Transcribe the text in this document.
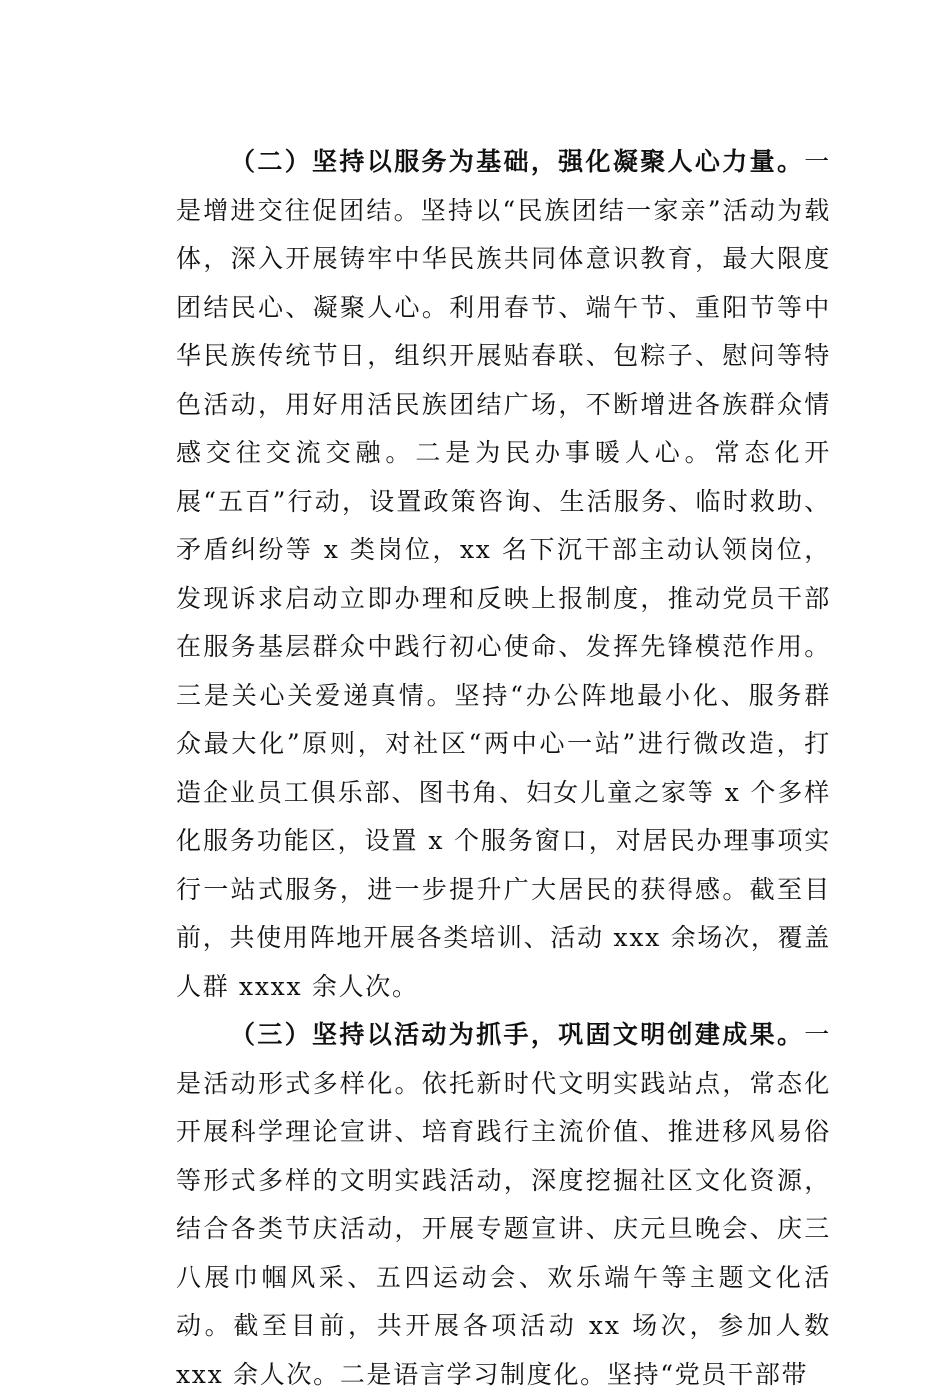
（二）坚持以服务为基础，强化凝聚人心力量。一是增进交往促团结。坚持以“民族团结一家亲”活动为载体，深入开展铸牢中华民族共同体意识教育，最大限度团结民心、凝聚人心。利用春节、端午节、重阳节等中华民族传统节日，组织开展贴春联、包粽子、慰问等特色活动，用好用活民族团结广场，不断增进各族群众情感交往交流交融。二是为民办事暖人心。常态化开展“五百”行动，设置政策咨询、生活服务、临时救助、矛盾纠纷等 x 类岗位，xx 名下沉干部主动认领岗位，发现诉求启动立即办理和反映上报制度，推动党员干部在服务基层群众中践行初心使命、发挥先锋模范作用。三是关心关爱递真情。坚持“办公阵地最小化、服务群众最大化”原则，对社区“两中心一站”进行微改造，打造企业员工俱乐部、图书角、妇女儿童之家等 x 个多样化服务功能区，设置 x 个服务窗口，对居民办理事项实行一站式服务，进一步提升广大居民的获得感。截至目前，共使用阵地开展各类培训、活动 xxx 余场次，覆盖人群 xxxx 余人次。

（三）坚持以活动为抓手，巩固文明创建成果。一是活动形式多样化。依托新时代文明实践站点，常态化开展科学理论宣讲、培育践行主流价值、推进移风易俗等形式多样的文明实践活动，深度挖掘社区文化资源，结合各类节庆活动，开展专题宣讲、庆元旦晚会、庆三八展巾帼风采、五四运动会、欢乐端午等主题文化活动。截至目前，共开展各项活动 xx 场次，参加人数 xxx 余人次。二是语言学习制度化。坚持“党员干部带
